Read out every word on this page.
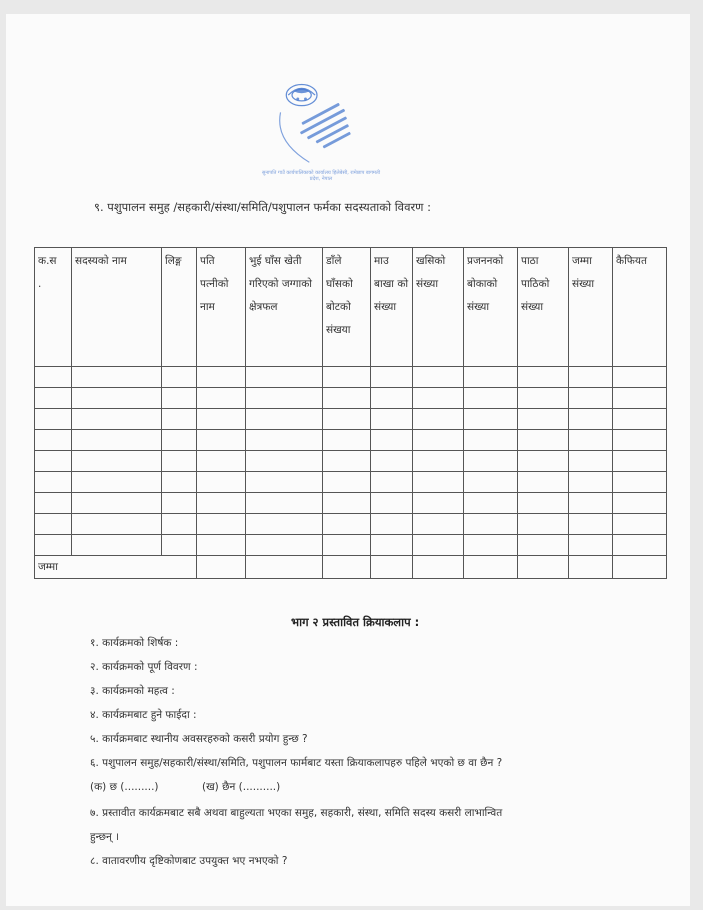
९. पशुपालन समुह /सहकारी/संस्था/समिति/पशुपालन फर्मका सदस्यताको विवरण :
क.स
.	सदस्यको नाम	लिङ्ग	पति पत्नीको नाम	भुई घाँस खेती गरिएको जग्गाको क्षेत्रफल	डाँले घाँसको बोटको संखया	माउ बाखा को संख्या	खसिको संख्या	प्रजननको बोकाको संख्या	पाठा पाठिको संख्या	जम्मा संख्या	कैफियत

जम्मा											
भाग २ प्रस्तावित क्रियाकलाप :
१. कार्यक्रमको शिर्षक :
२. कार्यक्रमको पूर्ण विवरण :
३. कार्यक्रमको महत्व :
४. कार्यक्रमबाट हुने फाईदा :
५. कार्यक्रमबाट स्थानीय अवसरहरुको कसरी प्रयोग हुन्छ ?
६. पशुपालन समुह/सहकारी/संस्था/समिति, पशुपालन फार्मबाट यस्ता क्रियाकलापहरु पहिले भएको छ वा छैन ?
(क) छ (.........)	(ख) छैन (..........)
७. प्रस्तावीत कार्यक्रमबाट सबै अथवा बाहुल्यता भएका समुह, सहकारी, संस्था, समिति सदस्य कसरी लाभान्वित
हुन्छन् ।
८. वातावरणीय दृष्टिकोणबाट उपयुक्त भए नभएको ?
सुनापति गाउँ कार्यपालिकाको कार्यालय हिलेबेसी, रामेछाप बागमती प्रदेश, नेपाल
